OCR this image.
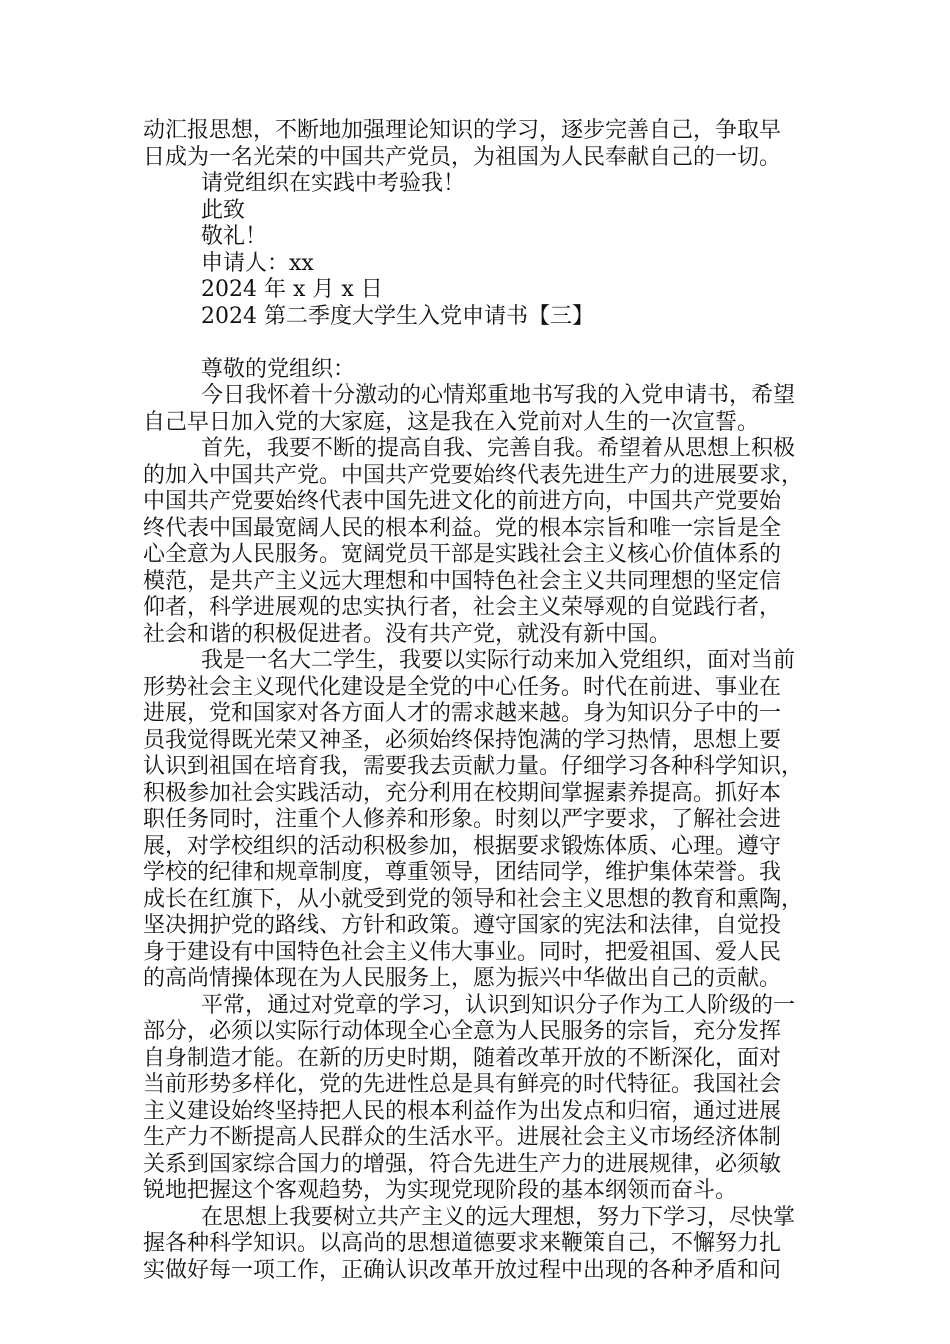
动汇报思想，不断地加强理论知识的学习，逐步完善自己，争取早
日成为一名光荣的中国共产党员，为祖国为人民奉献自己的一切。
请党组织在实践中考验我！
此致
敬礼！
申请人：xx
2024 年 x 月 x 日
2024 第二季度大学生入党申请书【三】
尊敬的党组织：
今日我怀着十分激动的心情郑重地书写我的入党申请书，希望
自己早日加入党的大家庭，这是我在入党前对人生的一次宣誓。
首先，我要不断的提高自我、完善自我。希望着从思想上积极
的加入中国共产党。中国共产党要始终代表先进生产力的进展要求，
中国共产党要始终代表中国先进文化的前进方向，中国共产党要始
终代表中国最宽阔人民的根本利益。党的根本宗旨和唯一宗旨是全
心全意为人民服务。宽阔党员干部是实践社会主义核心价值体系的
模范，是共产主义远大理想和中国特色社会主义共同理想的坚定信
仰者，科学进展观的忠实执行者，社会主义荣辱观的自觉践行者，
社会和谐的积极促进者。没有共产党，就没有新中国。
我是一名大二学生，我要以实际行动来加入党组织，面对当前
形势社会主义现代化建设是全党的中心任务。时代在前进、事业在
进展，党和国家对各方面人才的需求越来越。身为知识分子中的一
员我觉得既光荣又神圣，必须始终保持饱满的学习热情，思想上要
认识到祖国在培育我，需要我去贡献力量。仔细学习各种科学知识，
积极参加社会实践活动，充分利用在校期间掌握素养提高。抓好本
职任务同时，注重个人修养和形象。时刻以严字要求，了解社会进
展，对学校组织的活动积极参加，根据要求锻炼体质、心理。遵守
学校的纪律和规章制度，尊重领导，团结同学，维护集体荣誉。我
成长在红旗下，从小就受到党的领导和社会主义思想的教育和熏陶，
坚决拥护党的路线、方针和政策。遵守国家的宪法和法律，自觉投
身于建设有中国特色社会主义伟大事业。同时，把爱祖国、爱人民
的高尚情操体现在为人民服务上，愿为振兴中华做出自己的贡献。
平常，通过对党章的学习，认识到知识分子作为工人阶级的一
部分，必须以实际行动体现全心全意为人民服务的宗旨，充分发挥
自身制造才能。在新的历史时期，随着改革开放的不断深化，面对
当前形势多样化，党的先进性总是具有鲜亮的时代特征。我国社会
主义建设始终坚持把人民的根本利益作为出发点和归宿，通过进展
生产力不断提高人民群众的生活水平。进展社会主义市场经济体制
关系到国家综合国力的增强，符合先进生产力的进展规律，必须敏
锐地把握这个客观趋势，为实现党现阶段的基本纲领而奋斗。
在思想上我要树立共产主义的远大理想，努力下学习，尽快掌
握各种科学知识。以高尚的思想道德要求来鞭策自己，不懈努力扎
实做好每一项工作，正确认识改革开放过程中出现的各种矛盾和问
